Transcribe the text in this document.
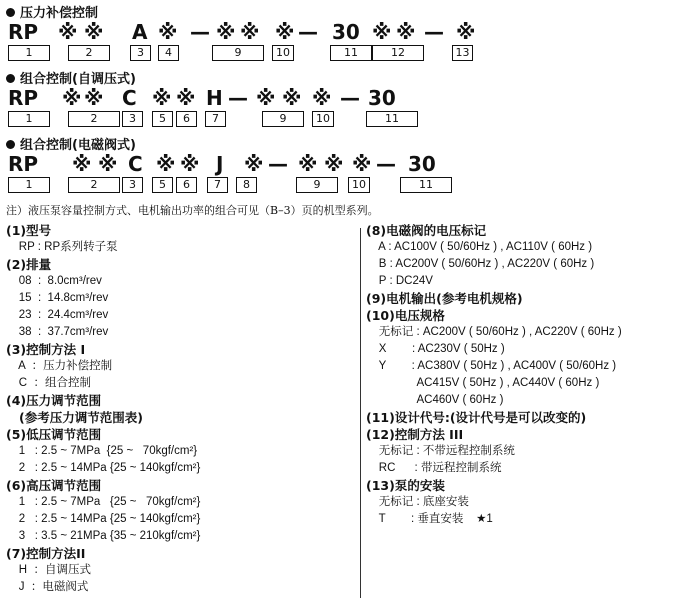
压力补偿控制
RP ※ ※ A ※ — ※ ※ ※ — 30 ※ ※ — ※
1	2	3	4	9	10	11	12	13
组合控制(自调压式)
RP ※ ※ C ※ ※ H — ※ ※ ※ — 30
1	2	3	5	6	7	9	10	11
组合控制(电磁阀式)
RP ※ ※ C ※ ※ J ※ — ※ ※ ※ — 30
1	2	3	5	6	7	8	9	10	11
注）液压泵容量控制方式、电机输出功率的组合可见（B–3）页的机型系列。
(1)型号
RP : RP系列转子泵
(2)排量
08  :  8.0cm³/rev
15  :  14.8cm³/rev
23  :  24.4cm³/rev
38  :  37.7cm³/rev
(3)控制方法 I
A  ：压力补偿控制
C  ：组合控制
(4)压力调节范围
(参考压力调节范围表)
(5)低压调节范围
1   : 2.5 ~ 7MPa  {25 ~   70kgf/cm²}
2   : 2.5 ~ 14MPa {25 ~ 140kgf/cm²}
(6)高压调节范围
1   : 2.5 ~ 7MPa   {25 ~   70kgf/cm²}
2   : 2.5 ~ 14MPa {25 ~ 140kgf/cm²}
3   : 3.5 ~ 21MPa {35 ~ 210kgf/cm²}
(7)控制方法II
H  ：自调压式
J  ：电磁阀式
(8)电磁阀的电压标记
A : AC100V ( 50/60Hz ) , AC110V ( 60Hz )
B : AC200V ( 50/60Hz ) , AC220V ( 60Hz )
P : DC24V
(9)电机输出(参考电机规格)
(10)电压规格
无标记 : AC200V ( 50/60Hz ) , AC220V ( 60Hz )
X        : AC230V ( 50Hz )
Y        : AC380V ( 50Hz ) , AC400V ( 50/60Hz )
AC415V ( 50Hz ) , AC440V ( 60Hz )
AC460V ( 60Hz )
(11)设计代号:(设计代号是可以改变的)
(12)控制方法 III
无标记 : 不带远程控制系统
RC      : 带远程控制系统
(13)泵的安装
无标记 : 底座安装
T        : 垂直安装    ★1
